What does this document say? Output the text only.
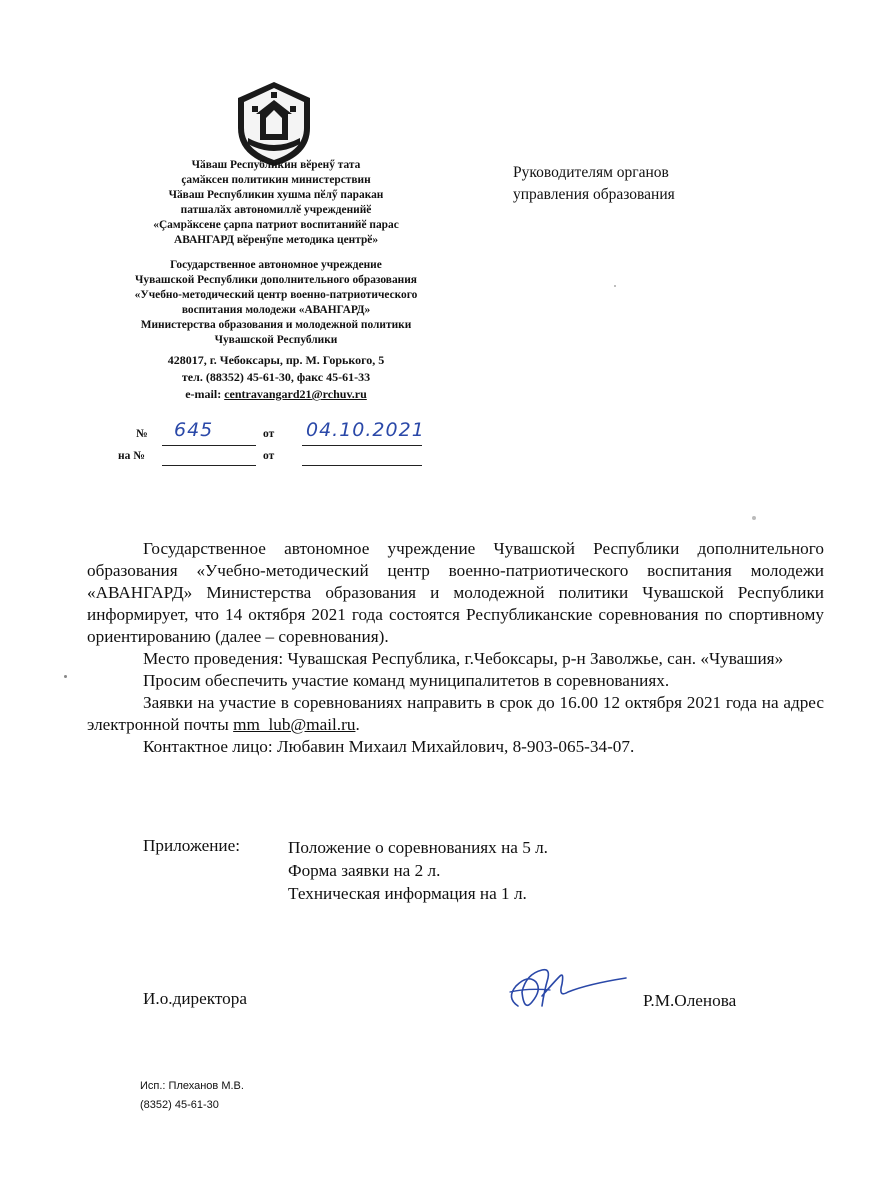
Чӑваш Республикин вӗренӳ тата
ҫамӑксен политикин министерствин
Чӑваш Республикин хушма пӗлӳ паракан
патшалӑх автономиллӗ учрежденийӗ
«Ҫамрӑксене ҫарпа патриот воспитанийӗ парас
АВАНГАРД вӗренӳпе методика центрӗ»
Государственное автономное учреждение
Чувашской Республики дополнительного образования
«Учебно-методический центр военно-патриотического
воспитания молодежи «АВАНГАРД»
Министерства образования и молодежной политики
Чувашской Республики
428017, г. Чебоксары, пр. М. Горького, 5
тел. (88352) 45-61-30, факс 45-61-33
e-mail: centravangard21@rchuv.ru
Руководителям органов
управления образования
№ 645	от 04.10.2021
на №	от

Государственное автономное учреждение Чувашской Республики дополнительного образования «Учебно-методический центр военно-патриотического воспитания молодежи «АВАНГАРД» Министерства образования и молодежной политики Чувашской Республики информирует, что 14 октября 2021 года состоятся Республиканские соревнования по спортивному ориентированию (далее – соревнования).

Место проведения: Чувашская Республика, г.Чебоксары, р-н Заволжье, сан. «Чувашия»

Просим обеспечить участие команд муниципалитетов в соревнованиях.

Заявки на участие в соревнованиях направить в срок до 16.00 12 октября 2021 года на адрес электронной почты mm_lub@mail.ru.

Контактное лицо: Любавин Михаил Михайлович, 8-903-065-34-07.

Приложение:	Положение о соревнованиях на 5 л.
Форма заявки на 2 л.
Техническая информация на 1 л.
И.о.директора	Р.М.Оленова
Исп.: Плеханов М.В.
(8352) 45-61-30
